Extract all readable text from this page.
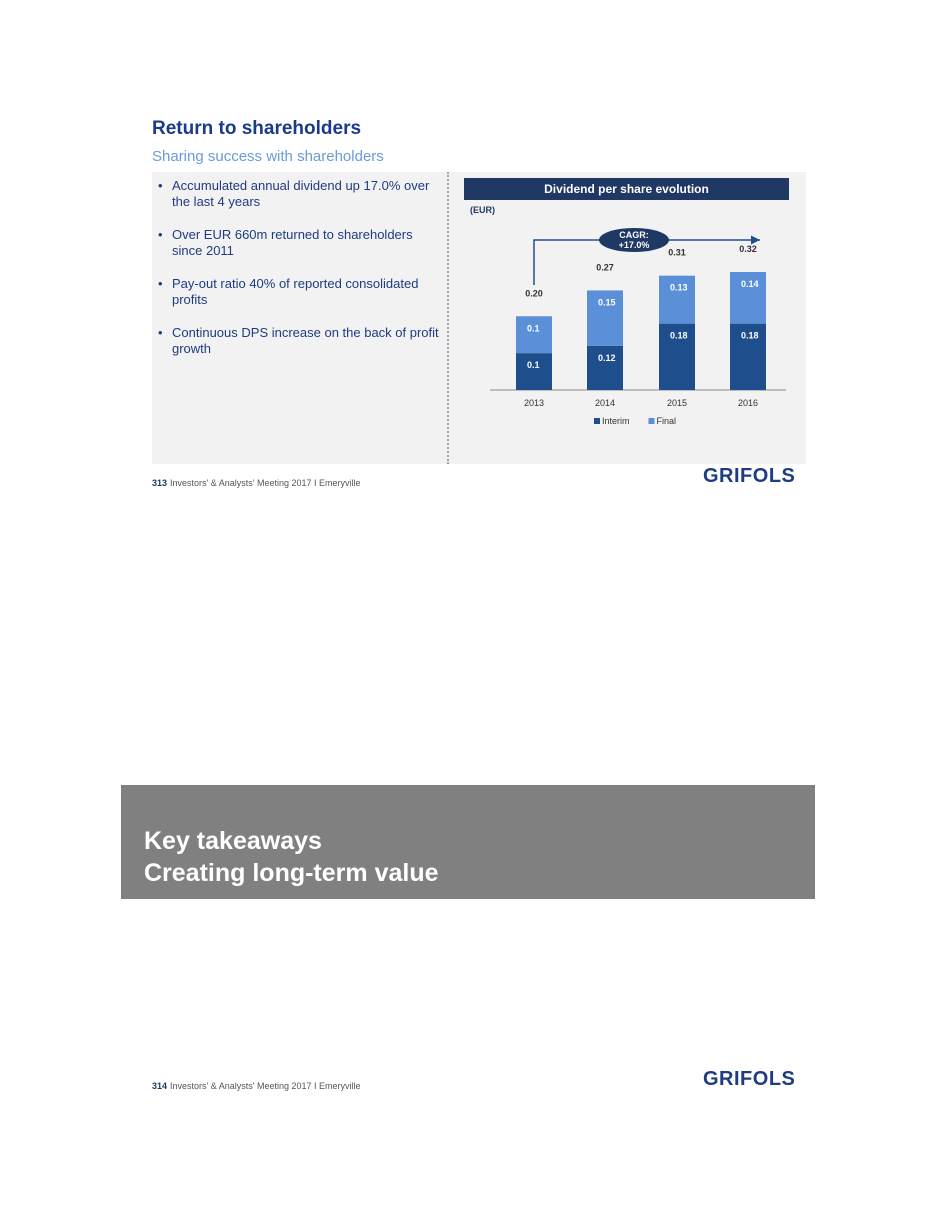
Return to shareholders
Sharing success with shareholders
• Accumulated annual dividend up 17.0% over the last 4 years
• Over EUR 660m returned to shareholders since 2011
• Pay-out ratio 40% of reported consolidated profits
• Continuous DPS increase on the back of profit growth
Dividend per share evolution
(EUR)
CAGR:
+17.0%
0.1
0.1
0.20
2013
0.12
0.15
0.27
2014
0.18
0.13
0.31
2015
0.18
0.14
0.32
2016
Interim	Final
313 Investors' & Analysts' Meeting 2017 I Emeryville	GRIFOLS
Key takeaways
Creating long-term value
314 Investors' & Analysts' Meeting 2017 I Emeryville	GRIFOLS
